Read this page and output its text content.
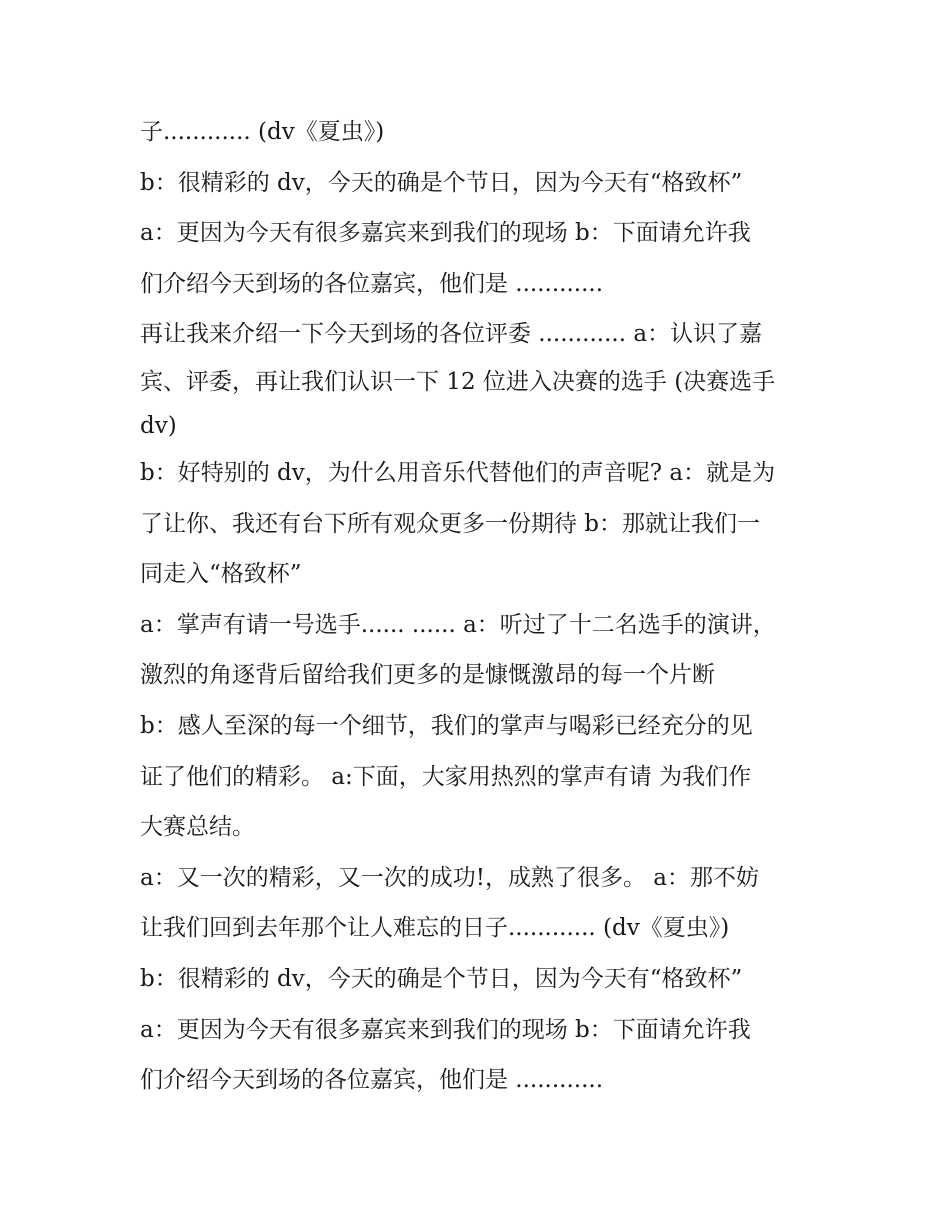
子............ (dv《夏虫》)
b：很精彩的 dv，今天的确是个节日，因为今天有“格致杯”
a：更因为今天有很多嘉宾来到我们的现场 b：下面请允许我
们介绍今天到场的各位嘉宾，他们是 ............
再让我来介绍一下今天到场的各位评委 ............ a：认识了嘉
宾、评委，再让我们认识一下 12 位进入决赛的选手 (决赛选手
dv)
b：好特别的 dv，为什么用音乐代替他们的声音呢? a：就是为
了让你、我还有台下所有观众更多一份期待 b：那就让我们一
同走入“格致杯”
a：掌声有请一号选手...... ...... a：听过了十二名选手的演讲，
激烈的角逐背后留给我们更多的是慷慨激昂的每一个片断
b：感人至深的每一个细节，我们的掌声与喝彩已经充分的见
证了他们的精彩。 a:下面，大家用热烈的掌声有请 为我们作
大赛总结。
a：又一次的精彩，又一次的成功!，成熟了很多。 a：那不妨
让我们回到去年那个让人难忘的日子............ (dv《夏虫》)
b：很精彩的 dv，今天的确是个节日，因为今天有“格致杯”
a：更因为今天有很多嘉宾来到我们的现场 b：下面请允许我
们介绍今天到场的各位嘉宾，他们是 ............
